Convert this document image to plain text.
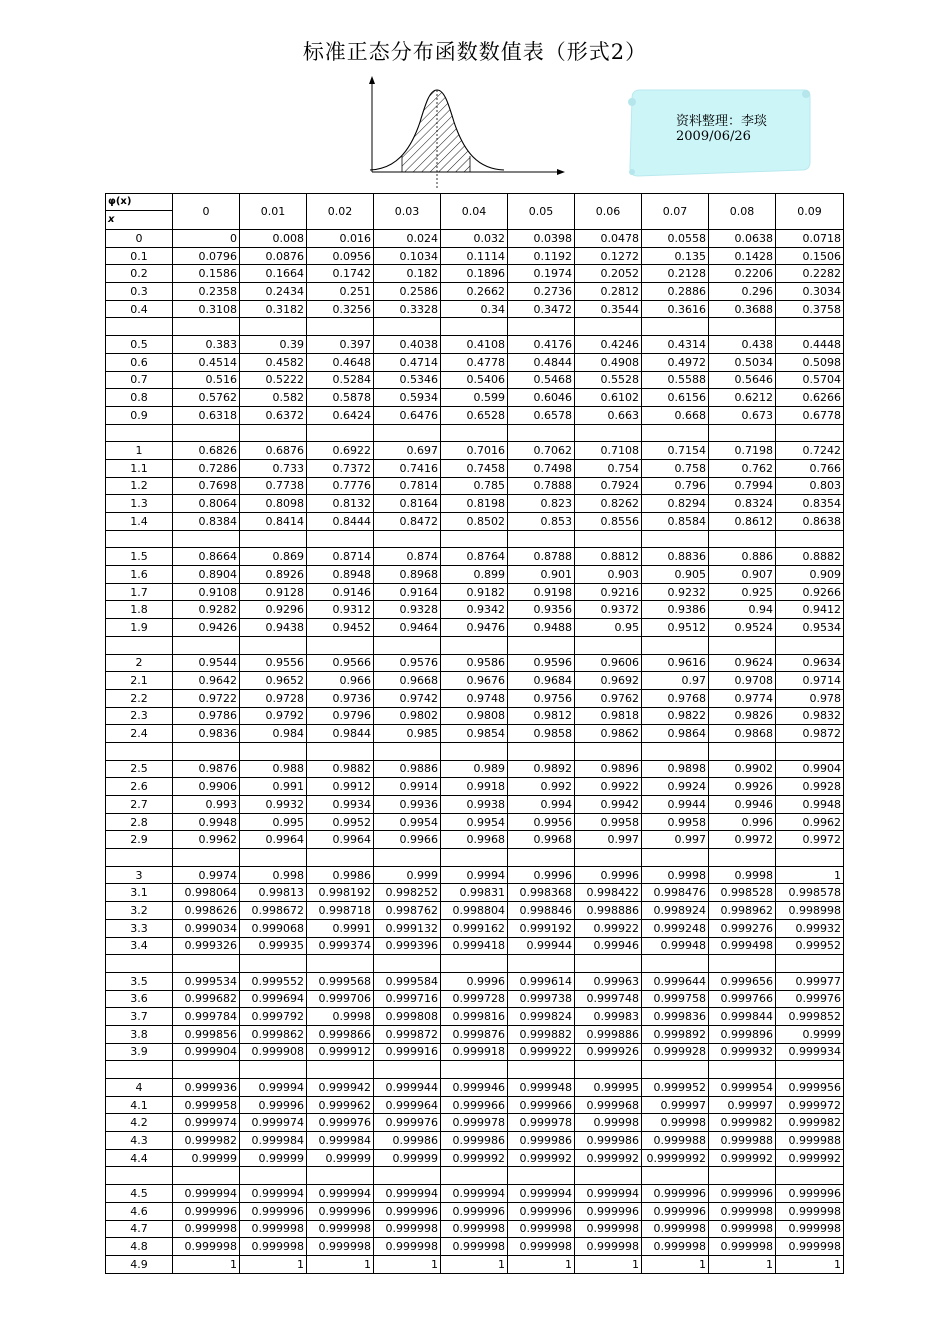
标准正态分布函数数值表（形式2）
资料整理：李琰
2009/06/26
φ(x)
x	0	0.01	0.02	0.03	0.04	0.05	0.06	0.07	0.08	0.09
0	0	0.008	0.016	0.024	0.032	0.0398	0.0478	0.0558	0.0638	0.0718
0.1	0.0796	0.0876	0.0956	0.1034	0.1114	0.1192	0.1272	0.135	0.1428	0.1506
0.2	0.1586	0.1664	0.1742	0.182	0.1896	0.1974	0.2052	0.2128	0.2206	0.2282
0.3	0.2358	0.2434	0.251	0.2586	0.2662	0.2736	0.2812	0.2886	0.296	0.3034
0.4	0.3108	0.3182	0.3256	0.3328	0.34	0.3472	0.3544	0.3616	0.3688	0.3758

0.5	0.383	0.39	0.397	0.4038	0.4108	0.4176	0.4246	0.4314	0.438	0.4448
0.6	0.4514	0.4582	0.4648	0.4714	0.4778	0.4844	0.4908	0.4972	0.5034	0.5098
0.7	0.516	0.5222	0.5284	0.5346	0.5406	0.5468	0.5528	0.5588	0.5646	0.5704
0.8	0.5762	0.582	0.5878	0.5934	0.599	0.6046	0.6102	0.6156	0.6212	0.6266
0.9	0.6318	0.6372	0.6424	0.6476	0.6528	0.6578	0.663	0.668	0.673	0.6778

1	0.6826	0.6876	0.6922	0.697	0.7016	0.7062	0.7108	0.7154	0.7198	0.7242
1.1	0.7286	0.733	0.7372	0.7416	0.7458	0.7498	0.754	0.758	0.762	0.766
1.2	0.7698	0.7738	0.7776	0.7814	0.785	0.7888	0.7924	0.796	0.7994	0.803
1.3	0.8064	0.8098	0.8132	0.8164	0.8198	0.823	0.8262	0.8294	0.8324	0.8354
1.4	0.8384	0.8414	0.8444	0.8472	0.8502	0.853	0.8556	0.8584	0.8612	0.8638

1.5	0.8664	0.869	0.8714	0.874	0.8764	0.8788	0.8812	0.8836	0.886	0.8882
1.6	0.8904	0.8926	0.8948	0.8968	0.899	0.901	0.903	0.905	0.907	0.909
1.7	0.9108	0.9128	0.9146	0.9164	0.9182	0.9198	0.9216	0.9232	0.925	0.9266
1.8	0.9282	0.9296	0.9312	0.9328	0.9342	0.9356	0.9372	0.9386	0.94	0.9412
1.9	0.9426	0.9438	0.9452	0.9464	0.9476	0.9488	0.95	0.9512	0.9524	0.9534

2	0.9544	0.9556	0.9566	0.9576	0.9586	0.9596	0.9606	0.9616	0.9624	0.9634
2.1	0.9642	0.9652	0.966	0.9668	0.9676	0.9684	0.9692	0.97	0.9708	0.9714
2.2	0.9722	0.9728	0.9736	0.9742	0.9748	0.9756	0.9762	0.9768	0.9774	0.978
2.3	0.9786	0.9792	0.9796	0.9802	0.9808	0.9812	0.9818	0.9822	0.9826	0.9832
2.4	0.9836	0.984	0.9844	0.985	0.9854	0.9858	0.9862	0.9864	0.9868	0.9872

2.5	0.9876	0.988	0.9882	0.9886	0.989	0.9892	0.9896	0.9898	0.9902	0.9904
2.6	0.9906	0.991	0.9912	0.9914	0.9918	0.992	0.9922	0.9924	0.9926	0.9928
2.7	0.993	0.9932	0.9934	0.9936	0.9938	0.994	0.9942	0.9944	0.9946	0.9948
2.8	0.9948	0.995	0.9952	0.9954	0.9954	0.9956	0.9958	0.9958	0.996	0.9962
2.9	0.9962	0.9964	0.9964	0.9966	0.9968	0.9968	0.997	0.997	0.9972	0.9972

3	0.9974	0.998	0.9986	0.999	0.9994	0.9996	0.9996	0.9998	0.9998	1
3.1	0.998064	0.99813	0.998192	0.998252	0.99831	0.998368	0.998422	0.998476	0.998528	0.998578
3.2	0.998626	0.998672	0.998718	0.998762	0.998804	0.998846	0.998886	0.998924	0.998962	0.998998
3.3	0.999034	0.999068	0.9991	0.999132	0.999162	0.999192	0.99922	0.999248	0.999276	0.99932
3.4	0.999326	0.99935	0.999374	0.999396	0.999418	0.99944	0.99946	0.99948	0.999498	0.99952

3.5	0.999534	0.999552	0.999568	0.999584	0.9996	0.999614	0.99963	0.999644	0.999656	0.99977
3.6	0.999682	0.999694	0.999706	0.999716	0.999728	0.999738	0.999748	0.999758	0.999766	0.99976
3.7	0.999784	0.999792	0.9998	0.999808	0.999816	0.999824	0.99983	0.999836	0.999844	0.999852
3.8	0.999856	0.999862	0.999866	0.999872	0.999876	0.999882	0.999886	0.999892	0.999896	0.9999
3.9	0.999904	0.999908	0.999912	0.999916	0.999918	0.999922	0.999926	0.999928	0.999932	0.999934

4	0.999936	0.99994	0.999942	0.999944	0.999946	0.999948	0.99995	0.999952	0.999954	0.999956
4.1	0.999958	0.99996	0.999962	0.999964	0.999966	0.999966	0.999968	0.99997	0.99997	0.999972
4.2	0.999974	0.999974	0.999976	0.999976	0.999978	0.999978	0.99998	0.99998	0.999982	0.999982
4.3	0.999982	0.999984	0.999984	0.99986	0.999986	0.999986	0.999986	0.999988	0.999988	0.999988
4.4	0.99999	0.99999	0.99999	0.99999	0.999992	0.999992	0.999992	0.9999992	0.999992	0.999992

4.5	0.999994	0.999994	0.999994	0.999994	0.999994	0.999994	0.999994	0.999996	0.999996	0.999996
4.6	0.999996	0.999996	0.999996	0.999996	0.999996	0.999996	0.999996	0.999996	0.999998	0.999998
4.7	0.999998	0.999998	0.999998	0.999998	0.999998	0.999998	0.999998	0.999998	0.999998	0.999998
4.8	0.999998	0.999998	0.999998	0.999998	0.999998	0.999998	0.999998	0.999998	0.999998	0.999998
4.9	1	1	1	1	1	1	1	1	1	1
